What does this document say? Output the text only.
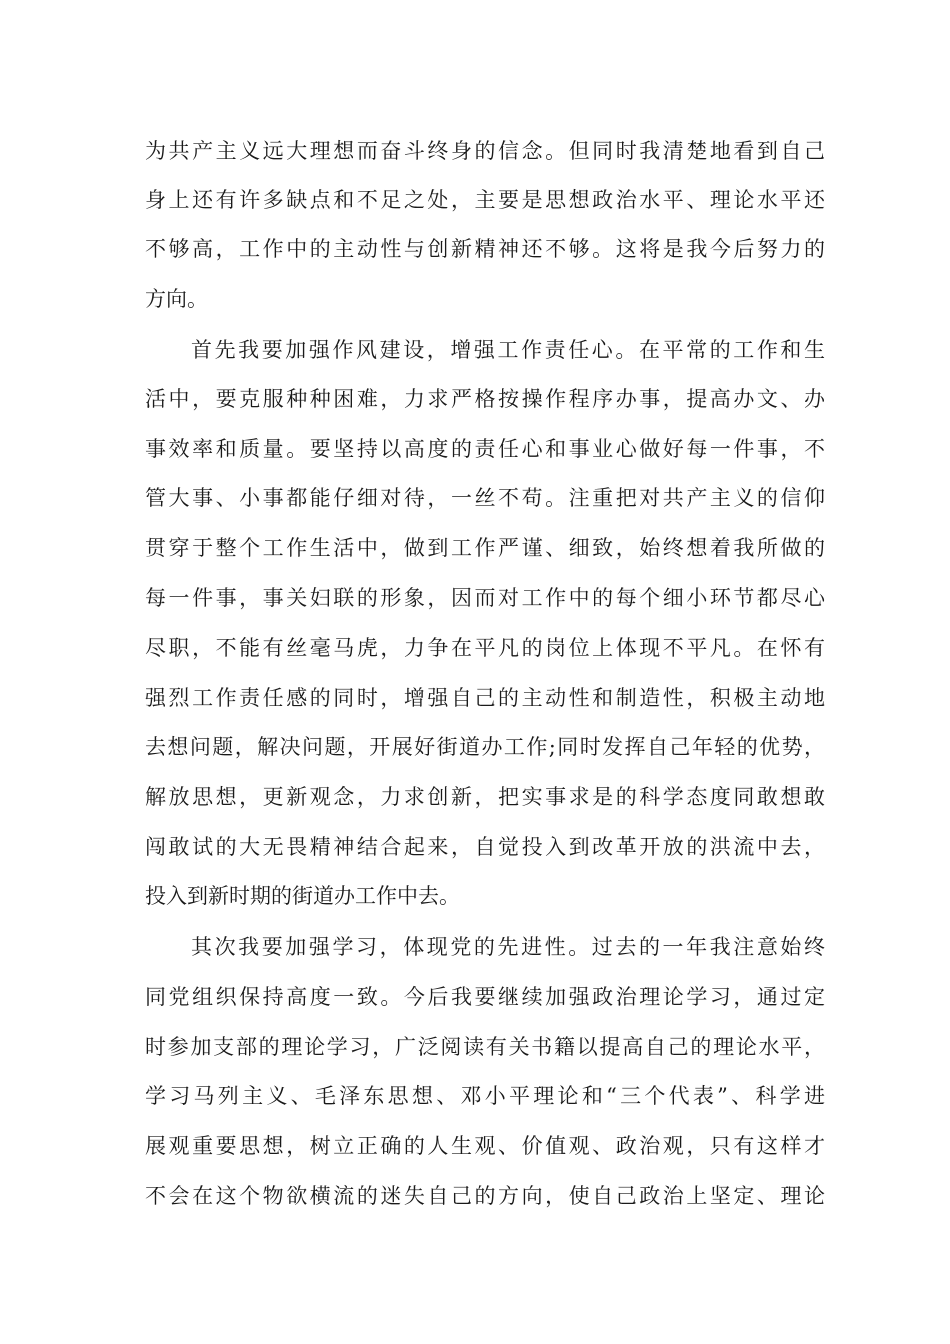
为共产主义远大理想而奋斗终身的信念。但同时我清楚地看到自己
身上还有许多缺点和不足之处，主要是思想政治水平、理论水平还
不够高，工作中的主动性与创新精神还不够。这将是我今后努力的
方向。
首先我要加强作风建设，增强工作责任心。在平常的工作和生
活中，要克服种种困难，力求严格按操作程序办事，提高办文、办
事效率和质量。要坚持以高度的责任心和事业心做好每一件事，不
管大事、小事都能仔细对待，一丝不苟。注重把对共产主义的信仰
贯穿于整个工作生活中，做到工作严谨、细致，始终想着我所做的
每一件事，事关妇联的形象，因而对工作中的每个细小环节都尽心
尽职，不能有丝毫马虎，力争在平凡的岗位上体现不平凡。在怀有
强烈工作责任感的同时，增强自己的主动性和制造性，积极主动地
去想问题，解决问题，开展好街道办工作;同时发挥自己年轻的优势，
解放思想，更新观念，力求创新，把实事求是的科学态度同敢想敢
闯敢试的大无畏精神结合起来，自觉投入到改革开放的洪流中去，
投入到新时期的街道办工作中去。
其次我要加强学习，体现党的先进性。过去的一年我注意始终
同党组织保持高度一致。今后我要继续加强政治理论学习，通过定
时参加支部的理论学习，广泛阅读有关书籍以提高自己的理论水平，
学习马列主义、毛泽东思想、邓小平理论和“三个代表”、科学进
展观重要思想，树立正确的人生观、价值观、政治观，只有这样才
不会在这个物欲横流的迷失自己的方向，使自己政治上坚定、理论
